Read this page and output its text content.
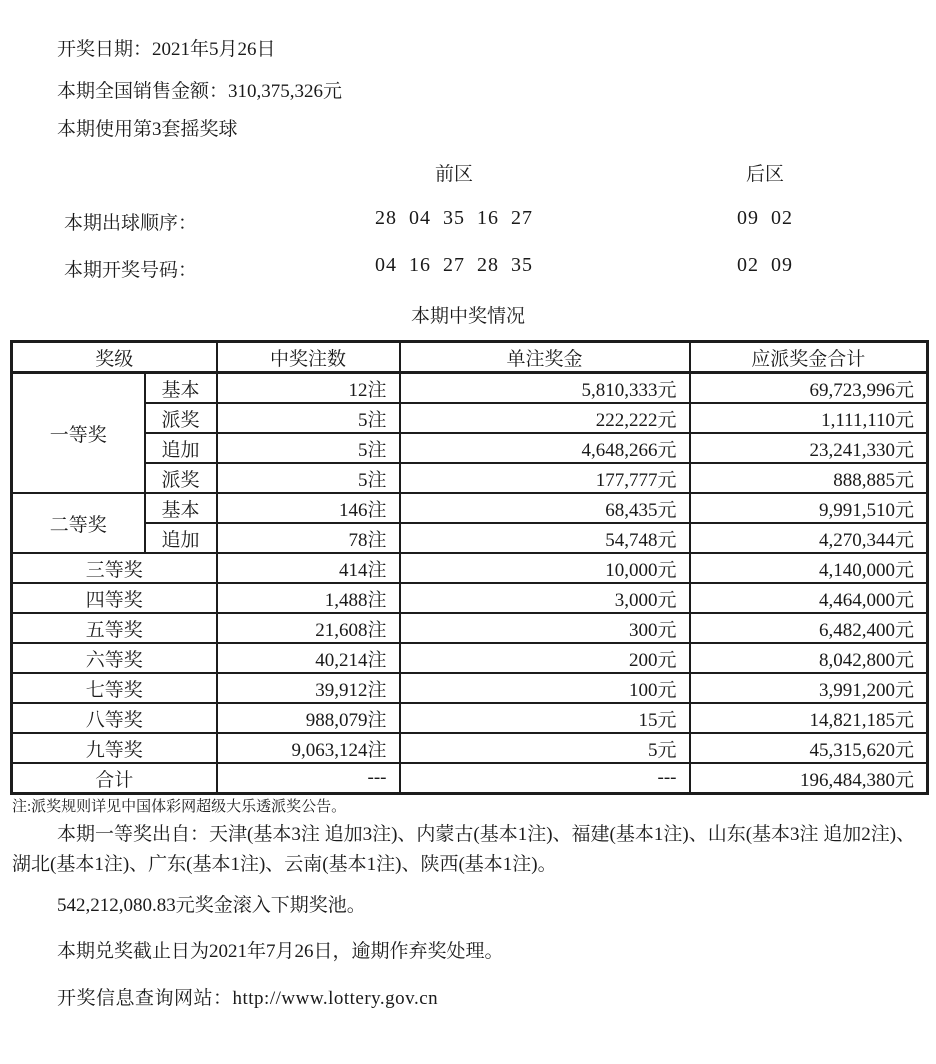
开奖日期：2021年5月26日
本期全国销售金额：310,375,326元
本期使用第3套摇奖球
前区	后区
本期出球顺序：	28 04 35 16 27	09 02
本期开奖号码：	04 16 27 28 35	02 09
本期中奖情况
奖级		中奖注数	单注奖金	应派奖金合计
一等奖	基本	12注	5,810,333元	69,723,996元
	派奖	5注	222,222元	1,111,110元
	追加	5注	4,648,266元	23,241,330元
	派奖	5注	177,777元	888,885元
二等奖	基本	146注	68,435元	9,991,510元
	追加	78注	54,748元	4,270,344元
三等奖		414注	10,000元	4,140,000元
四等奖		1,488注	3,000元	4,464,000元
五等奖		21,608注	300元	6,482,400元
六等奖		40,214注	200元	8,042,800元
七等奖		39,912注	100元	3,991,200元
八等奖		988,079注	15元	14,821,185元
九等奖		9,063,124注	5元	45,315,620元
合计		---	---	196,484,380元
注:派奖规则详见中国体彩网超级大乐透派奖公告。
本期一等奖出自：天津(基本3注 追加3注)、内蒙古(基本1注)、福建(基本1注)、山东(基本3注 追加2注)、湖北(基本1注)、广东(基本1注)、云南(基本1注)、陕西(基本1注)。
542,212,080.83元奖金滚入下期奖池。
本期兑奖截止日为2021年7月26日，逾期作弃奖处理。
开奖信息查询网站：http://www.lottery.gov.cn
